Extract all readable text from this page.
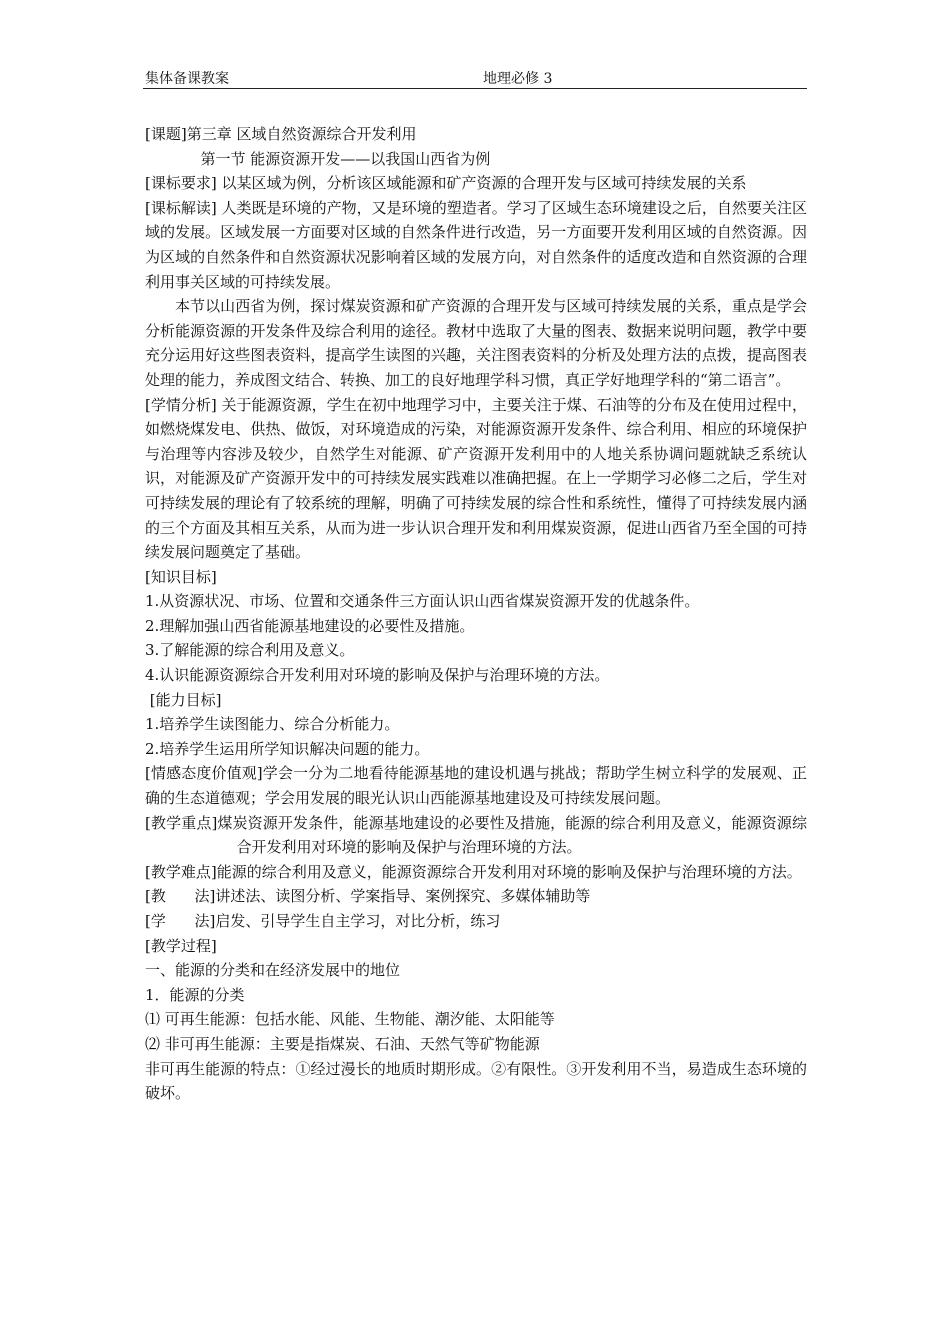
集体备课教案	地理必修 3

[课题]第三章 区域自然资源综合开发利用

第一节 能源资源开发——以我国山西省为例

[课标要求] 以某区域为例，分析该区域能源和矿产资源的合理开发与区域可持续发展的关系

[课标解读] 人类既是环境的产物，又是环境的塑造者。学习了区域生态环境建设之后，自然要关注区域的发展。区域发展一方面要对区域的自然条件进行改造，另一方面要开发利用区域的自然资源。因为区域的自然条件和自然资源状况影响着区域的发展方向，对自然条件的适度改造和自然资源的合理利用事关区域的可持续发展。

本节以山西省为例，探讨煤炭资源和矿产资源的合理开发与区域可持续发展的关系，重点是学会分析能源资源的开发条件及综合利用的途径。教材中选取了大量的图表、数据来说明问题，教学中要充分运用好这些图表资料，提高学生读图的兴趣，关注图表资料的分析及处理方法的点拨，提高图表处理的能力，养成图文结合、转换、加工的良好地理学科习惯，真正学好地理学科的“第二语言”。

[学情分析] 关于能源资源，学生在初中地理学习中，主要关注于煤、石油等的分布及在使用过程中，如燃烧煤发电、供热、做饭，对环境造成的污染，对能源资源开发条件、综合利用、相应的环境保护与治理等内容涉及较少，自然学生对能源、矿产资源开发利用中的人地关系协调问题就缺乏系统认识，对能源及矿产资源开发中的可持续发展实践难以准确把握。在上一学期学习必修二之后，学生对可持续发展的理论有了较系统的理解，明确了可持续发展的综合性和系统性，懂得了可持续发展内涵的三个方面及其相互关系，从而为进一步认识合理开发和利用煤炭资源，促进山西省乃至全国的可持续发展问题奠定了基础。

[知识目标]

1.从资源状况、市场、位置和交通条件三方面认识山西省煤炭资源开发的优越条件。

2.理解加强山西省能源基地建设的必要性及措施。

3.了解能源的综合利用及意义。

4.认识能源资源综合开发利用对环境的影响及保护与治理环境的方法。

[能力目标]

1.培养学生读图能力、综合分析能力。

2.培养学生运用所学知识解决问题的能力。

[情感态度价值观]学会一分为二地看待能源基地的建设机遇与挑战；帮助学生树立科学的发展观、正确的生态道德观；学会用发展的眼光认识山西能源基地建设及可持续发展问题。

[教学重点]煤炭资源开发条件，能源基地建设的必要性及措施，能源的综合利用及意义，能源资源综合开发利用对环境的影响及保护与治理环境的方法。

[教学难点]能源的综合利用及意义，能源资源综合开发利用对环境的影响及保护与治理环境的方法。

[教      法]讲述法、读图分析、学案指导、案例探究、多媒体辅助等

[学      法]启发、引导学生自主学习，对比分析，练习

[教学过程]

一、能源的分类和在经济发展中的地位

1．能源的分类

⑴ 可再生能源：包括水能、风能、生物能、潮汐能、太阳能等

⑵ 非可再生能源：主要是指煤炭、石油、天然气等矿物能源

非可再生能源的特点：①经过漫长的地质时期形成。②有限性。③开发利用不当，易造成生态环境的破坏。
